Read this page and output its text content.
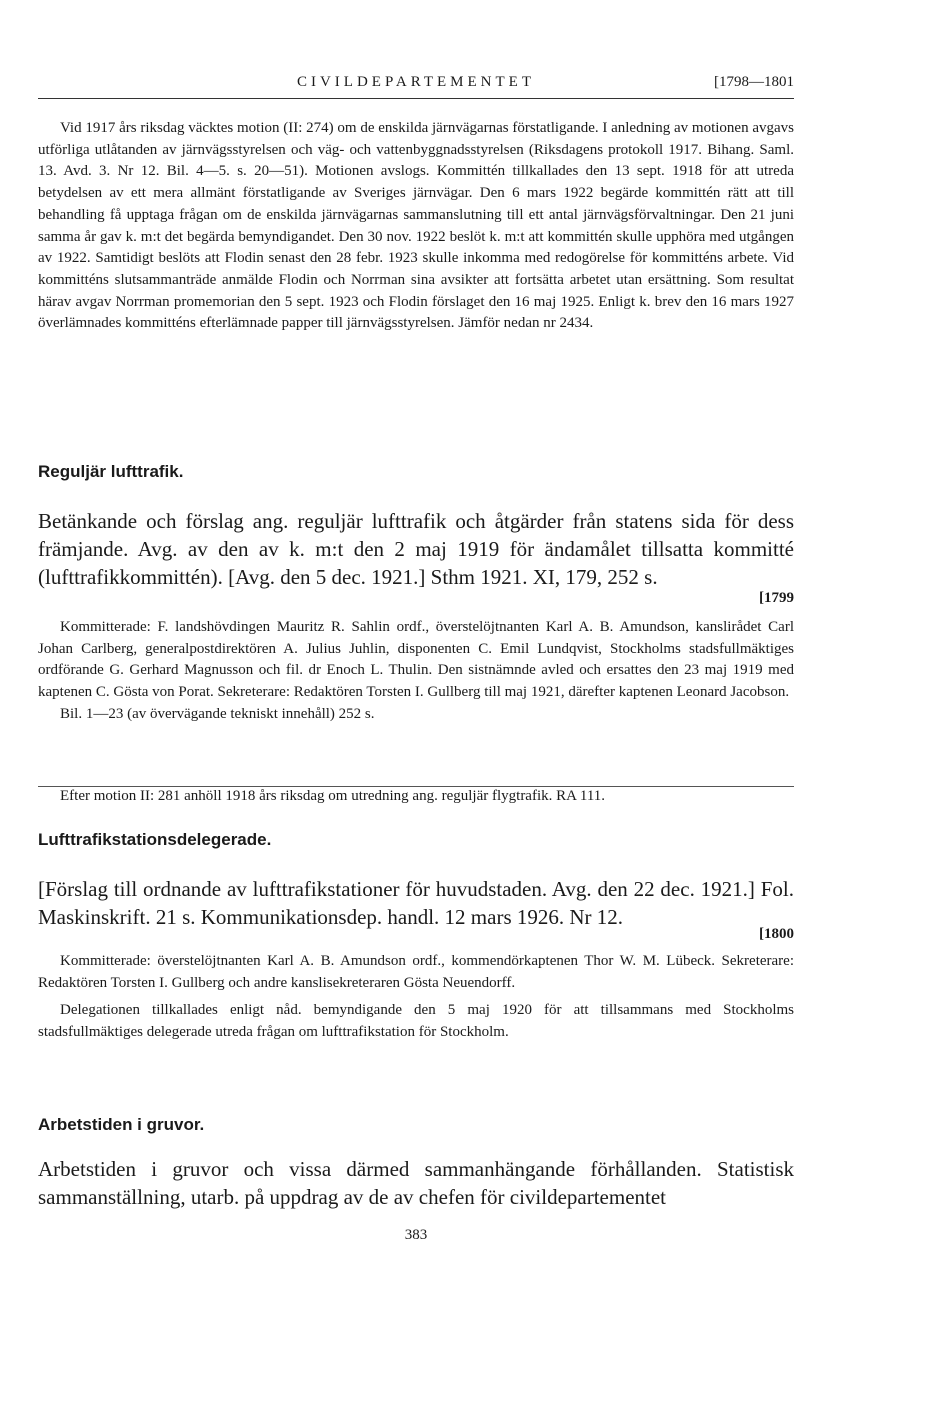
CIVILDEPARTEMENTET	[1798—1801

Vid 1917 års riksdag väcktes motion (II: 274) om de enskilda järnvägarnas förstatligande. I anledning av motionen avgavs utförliga utlåtanden av järnvägsstyrelsen och väg- och vattenbyggnadsstyrelsen (Riksdagens protokoll 1917. Bihang. Saml. 13. Avd. 3. Nr 12. Bil. 4—5. s. 20—51). Motionen avslogs. Kommittén tillkallades den 13 sept. 1918 för att utreda betydelsen av ett mera allmänt förstatligande av Sveriges järnvägar. Den 6 mars 1922 begärde kommittén rätt att till behandling få upptaga frågan om de enskilda järnvägarnas sammanslutning till ett antal järnvägsförvaltningar. Den 21 juni samma år gav k. m:t det begärda bemyndigandet. Den 30 nov. 1922 beslöt k. m:t att kommittén skulle upphöra med utgången av 1922. Samtidigt beslöts att Flodin senast den 28 febr. 1923 skulle inkomma med redogörelse för kommitténs arbete. Vid kommitténs slutsammanträde anmälde Flodin och Norrman sina avsikter att fortsätta arbetet utan ersättning. Som resultat härav avgav Norrman promemorian den 5 sept. 1923 och Flodin förslaget den 16 maj 1925. Enligt k. brev den 16 mars 1927 överlämnades kommitténs efterlämnade papper till järnvägsstyrelsen. Jämför nedan nr 2434.

Reguljär lufttrafik.

Betänkande och förslag ang. reguljär lufttrafik och åtgärder från statens sida för dess främjande. Avg. av den av k. m:t den 2 maj 1919 för ändamålet tillsatta kommitté (lufttrafikkommittén). [Avg. den 5 dec. 1921.] Sthm 1921. XI, 179, 252 s.

[1799

Kommitterade: F. landshövdingen Mauritz R. Sahlin ordf., överstelöjtnanten Karl A. B. Amundson, kanslirådet Carl Johan Carlberg, generalpostdirektören A. Julius Juhlin, disponenten C. Emil Lundqvist, Stockholms stadsfullmäktiges ordförande G. Gerhard Magnusson och fil. dr Enoch L. Thulin. Den sistnämnde avled och ersattes den 23 maj 1919 med kaptenen C. Gösta von Porat. Sekreterare: Redaktören Torsten I. Gullberg till maj 1921, därefter kaptenen Leonard Jacobson.

Bil. 1—23 (av övervägande tekniskt innehåll) 252 s.

Efter motion II: 281 anhöll 1918 års riksdag om utredning ang. reguljär flygtrafik. RA 111.

Lufttrafikstationsdelegerade.

[Förslag till ordnande av lufttrafikstationer för huvudstaden. Avg. den 22 dec. 1921.] Fol. Maskinskrift. 21 s. Kommunikationsdep. handl. 12 mars 1926. Nr 12.

[1800

Kommitterade: överstelöjtnanten Karl A. B. Amundson ordf., kommendörkaptenen Thor W. M. Lübeck. Sekreterare: Redaktören Torsten I. Gullberg och andre kanslisekreteraren Gösta Neuendorff.

Delegationen tillkallades enligt nåd. bemyndigande den 5 maj 1920 för att tillsammans med Stockholms stadsfullmäktiges delegerade utreda frågan om lufttrafikstation för Stockholm.

Arbetstiden i gruvor.

Arbetstiden i gruvor och vissa därmed sammanhängande förhållanden. Statistisk sammanställning, utarb. på uppdrag av de av chefen för civildepartementet

383
